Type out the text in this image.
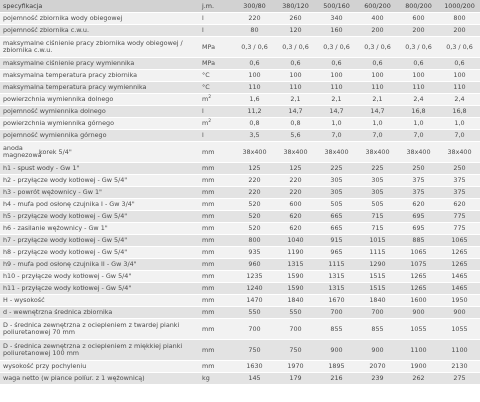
specyfikacja	j.m.	300/80	380/120	500/160	600/200	800/200	1000/200
pojemność zbiornika wody obiegowej	l	220	260	340	400	600	800
pojemność zbiornika c.w.u.	l	80	120	160	200	200	200
maksymalne ciśnienie pracy zbiornika wody obiegowej / zbiornika c.w.u.	MPa	0,3 / 0,6	0,3 / 0,6	0,3 / 0,6	0,3 / 0,6	0,3 / 0,6	0,3 / 0,6
maksymalne ciśnienie pracy wymiennika	MPa	0,6	0,6	0,6	0,6	0,6	0,6
maksymalna temperatura pracy zbiornika	°C	100	100	100	100	100	100
maksymalna temperatura pracy wymiennika	°C	110	110	110	110	110	110
powierzchnia wymiennika dolnego	$m^2$	1,6	2,1	2,1	2,1	2,4	2,4
pojemność wymiennika dolnego	l	11,2	14,7	14,7	14,7	16,8	16,8
powierzchnia wymiennika górnego	$m^2$	0,8	0,8	1,0	1,0	1,0	1,0
pojemność wymiennika górnego	l	3,5	5,6	7,0	7,0	7,0	7,0

anoda magnezowa
korek 5/4"	mm	38x400	38x400	38x400	38x400	38x400	38x400
h1 - spust wody - Gw 1"	mm	125	125	225	225	250	250
h2 - przyłącze wody kotłowej - Gw 5/4"	mm	220	220	305	305	375	375
h3 - powrót wężownicy - Gw 1"	mm	220	220	305	305	375	375
h4 - mufa pod osłonę czujnika I - Gw 3/4"	mm	520	600	505	505	620	620
h5 - przyłącze wody kotłowej - Gw 5/4"	mm	520	620	665	715	695	775
h6 - zasilanie wężownicy - Gw 1"	mm	520	620	665	715	695	775
h7 - przyłącze wody kotłowej - Gw 5/4"	mm	800	1040	915	1015	885	1065
h8 - przyłącze wody kotłowej - Gw 5/4"	mm	935	1190	965	1115	1065	1265
h9 - mufa pod osłonę czujnika II - Gw 3/4"	mm	960	1315	1115	1290	1075	1265
h10 - przyłącze wody kotłowej - Gw 5/4"	mm	1235	1590	1315	1515	1265	1465
h11 - przyłącze wody kotłowej - Gw 5/4"	mm	1240	1590	1315	1515	1265	1465
H - wysokość	mm	1470	1840	1670	1840	1600	1950
d - wewnętrzna średnica zbiornika	mm	550	550	700	700	900	900
D - średnica zewnętrzna z ociepleniem z twardej pianki poliuretanowej 70 mm	mm	700	700	855	855	1055	1055
D - średnica zewnętrzna z ociepleniem z miękkiej pianki poliuretanowej 100 mm	mm	750	750	900	900	1100	1100
wysokość przy pochyleniu	mm	1630	1970	1895	2070	1900	2130
waga netto (w piance políur. z 1 wężownicą)	kg	145	179	216	239	262	275
